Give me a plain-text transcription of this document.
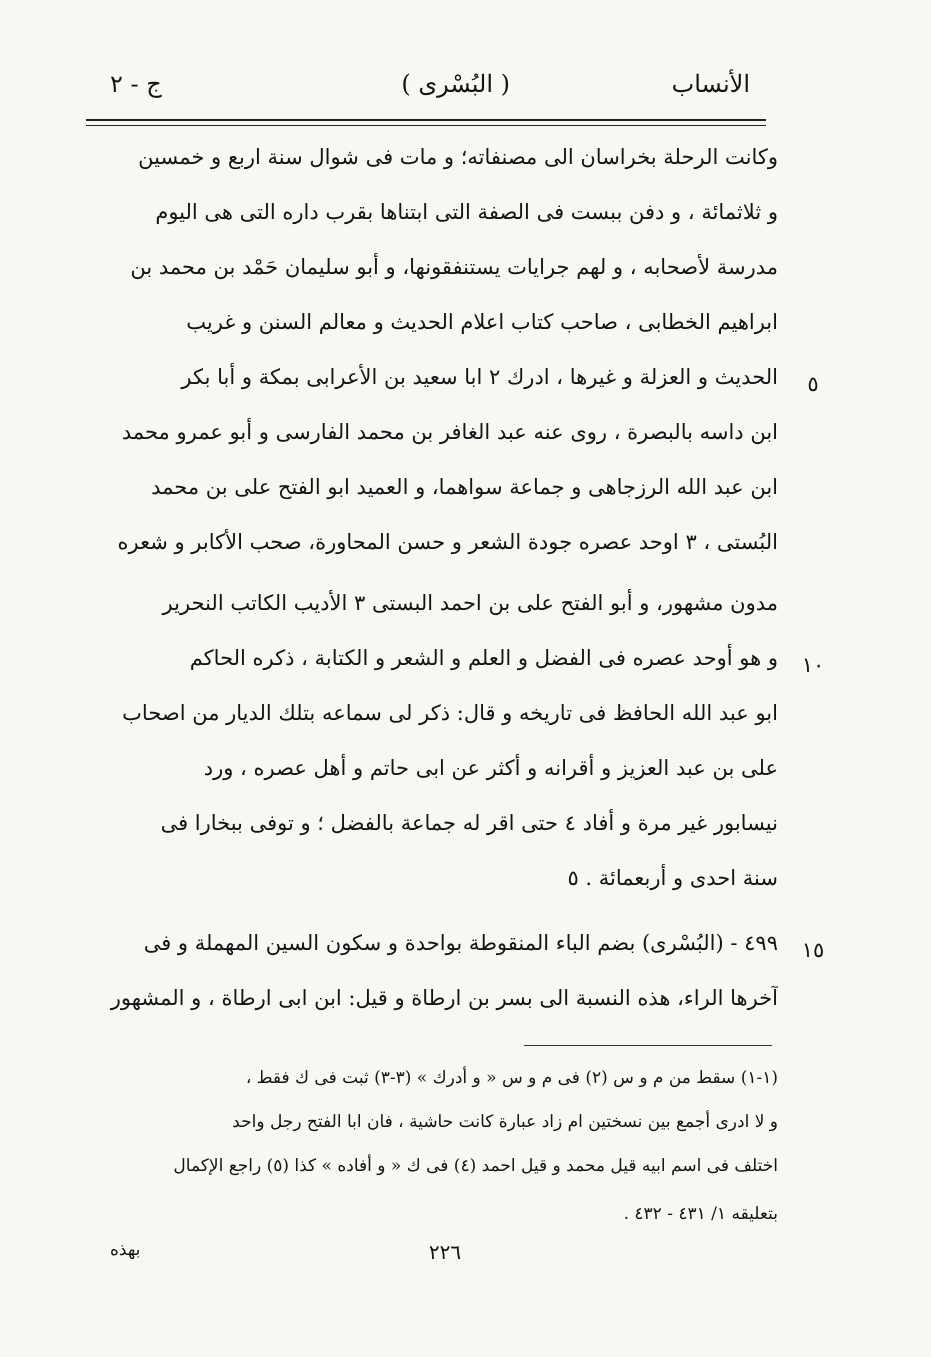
الأنساب
( البُسْرى )
ج - ٢
وكانت الرحلة بخراسان الى مصنفاته؛ و مات فى شوال سنة اربع و خمسين
و ثلاثمائة ، و دفن ببست فى الصفة التى ابتناها بقرب داره التى هى اليوم
مدرسة لأصحابه ، و لهم جرايات يستنفقونها، و أبو سليمان حَمْد بن محمد بن
ابراهيم الخطابى ، صاحب كتاب اعلام الحديث و معالم السنن و غريب
الحديث و العزلة و غيرها ، ادرك ٢ ابا سعيد بن الأعرابى بمكة و أبا بكر
ابن داسه بالبصرة ، روى عنه عبد الغافر بن محمد الفارسى و أبو عمرو محمد
ابن عبد الله الرزجاهى و جماعة سواهما، و العميد ابو الفتح على بن محمد
البُستى ، ٣ اوحد عصره جودة الشعر و حسن المحاورة، صحب الأكابر و شعره
مدون مشهور، و أبو الفتح على بن احمد البستى ٣ الأديب الكاتب النحرير
و هو أوحد عصره فى الفضل و العلم و الشعر و الكتابة ، ذكره الحاكم
ابو عبد الله الحافظ فى تاريخه و قال: ذكر لى سماعه بتلك الديار من اصحاب
على بن عبد العزيز و أقرانه و أكثر عن ابى حاتم و أهل عصره ، ورد
نيسابور غير مرة و أفاد ٤ حتى اقر له جماعة بالفضل ؛ و توفى ببخارا فى
سنة احدى و أربعمائة . ٥
٤٩٩ - (البُسْرى) بضم الباء المنقوطة بواحدة و سكون السين المهملة و فى
آخرها الراء، هذه النسبة الى بسر بن ارطاة و قيل: ابن ابى ارطاة ، و المشهور
٥
١٠
١٥
(١-١) سقط من م و س (٢) فى م و س « و أدرك » (٣-٣) ثبت فى ك فقط ،
و لا ادرى أجمع بين نسختين ام زاد عبارة كانت حاشية ، فان ابا الفتح رجل واحد
اختلف فى اسم ابيه قيل محمد و قيل احمد (٤) فى ك « و أفاده » كذا (٥) راجع الإكمال
بتعليقه ١/ ٤٣١ - ٤٣٢ .
٢٢٦
بهذه
